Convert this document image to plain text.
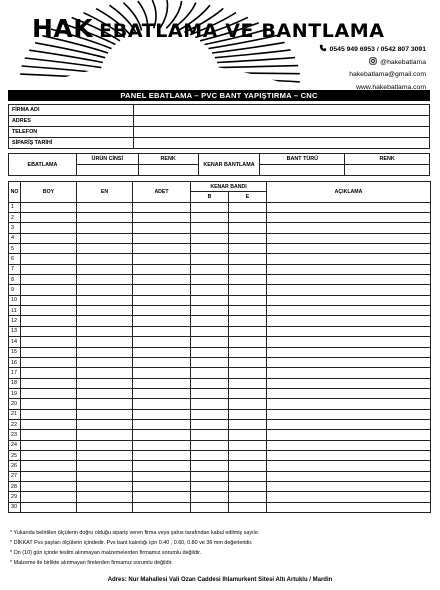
HAK EBATLAMA VE BANTLAMA
0545 949 6953 / 0542 807 3091
@hakebatlama
hakebatlama@gmail.com
www.hakebatlama.com
PANEL EBATLAMA – PVC BANT YAPIŞTIRMA – CNC
FİRMA ADI	
ADRES	
TELEFON	
SİPARİŞ TARİHİ	
EBATLAMA	ÜRÜN CİNSİ	RENK	KENAR BANTLAMA	BANT TÜRÜ	RENK

NO	BOY	EN	ADET	KENAR BANDI		AÇIKLAMA
				B	E	
1						
2						
3						
4						
5						
6						
7						
8						
9						
10						
11						
12						
13						
14						
15						
16						
17						
18						
19						
20						
21						
22						
23						
24						
25						
26						
27						
28						
29						
30						
* Yukarıda belirtilen ölçülerin doğru olduğu sipariş veren firma veya şahıs tarafından kabul edilmiş sayılır.
* DİKKAT Pvs payları ölçülerin içindedir. Pvs bant kalınlığı için 0.40 , 0.60, 0.80 ve 36 mm değerleridir.
* On (10) gün içinde teslim alınmayan malzemelerden firmamız sorumlu değildir.
* Malzeme ile birlikte alınmayan firelerden firmamız sorumlu değildir.
Adres: Nur Mahallesi Vali Ozan Caddesi Ihlamurkent Sitesi Altı Artuklu / Mardin
